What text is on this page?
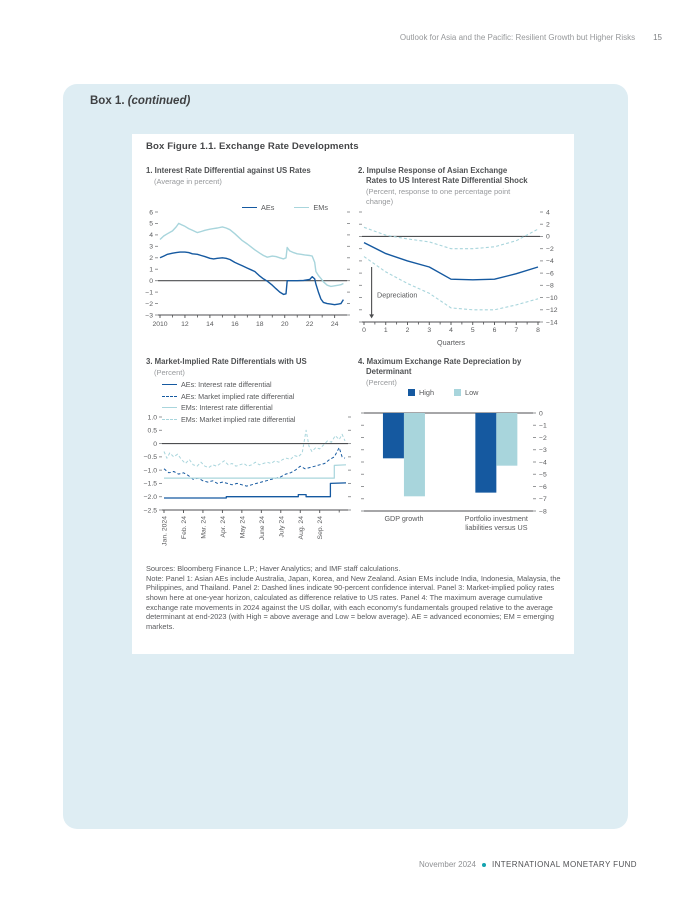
Outlook for Asia and the Pacific: Resilient Growth but Higher Risks 15
Box 1. (continued)
Box Figure 1.1. Exchange Rate Developments
1. Interest Rate Differential against US Rates
(Average in percent)
AEs	EMs
6
5
4
3
2
1
0
−1
−2
−3
2010 12	14	16	18	20	22	24
2. Impulse Response of Asian Exchange
Rates to US Interest Rate Differential Shock
(Percent, response to one percentage point
change)
4
2
0
−2
−4
−6
−8
−10
−12
−14
0	1	2	3	4	5	6	7	8
Quarters
Depreciation
3. Market-Implied Rate Differentials with US
(Percent)
AEs: Interest rate differential
AEs: Market implied rate differential
EMs: Interest rate differential
EMs: Market implied rate differential
1.0
0.5
0
−0.5
−1.0
−1.5
−2.0
−2.5
Jan. 2024 Feb. 24 Mar. 24 Apr. 24 May 24 June 24 July 24 Aug. 24 Sep. 24
4. Maximum Exchange Rate Depreciation by
Determinant
(Percent)
High	Low
0
−1
−2
−3
−4
−5
−6
−7
−8
GDP growth	Portfolio investment
liabilities versus US
Sources: Bloomberg Finance L.P.; Haver Analytics; and IMF staff calculations.
Note: Panel 1: Asian AEs include Australia, Japan, Korea, and New Zealand. Asian EMs include India, Indonesia, Malaysia, the Philippines, and Thailand. Panel 2: Dashed lines indicate 90-percent confidence interval. Panel 3: Market-implied policy rates shown here at one-year horizon, calculated as difference relative to US rates. Panel 4: The maximum average cumulative exchange rate movements in 2024 against the US dollar, with each economy's fundamentals grouped relative to the average determinant at end-2023 (with High = above average and Low = below average). AE = advanced economies; EM = emerging markets.
November 2024 INTERNATIONAL MONETARY FUND
